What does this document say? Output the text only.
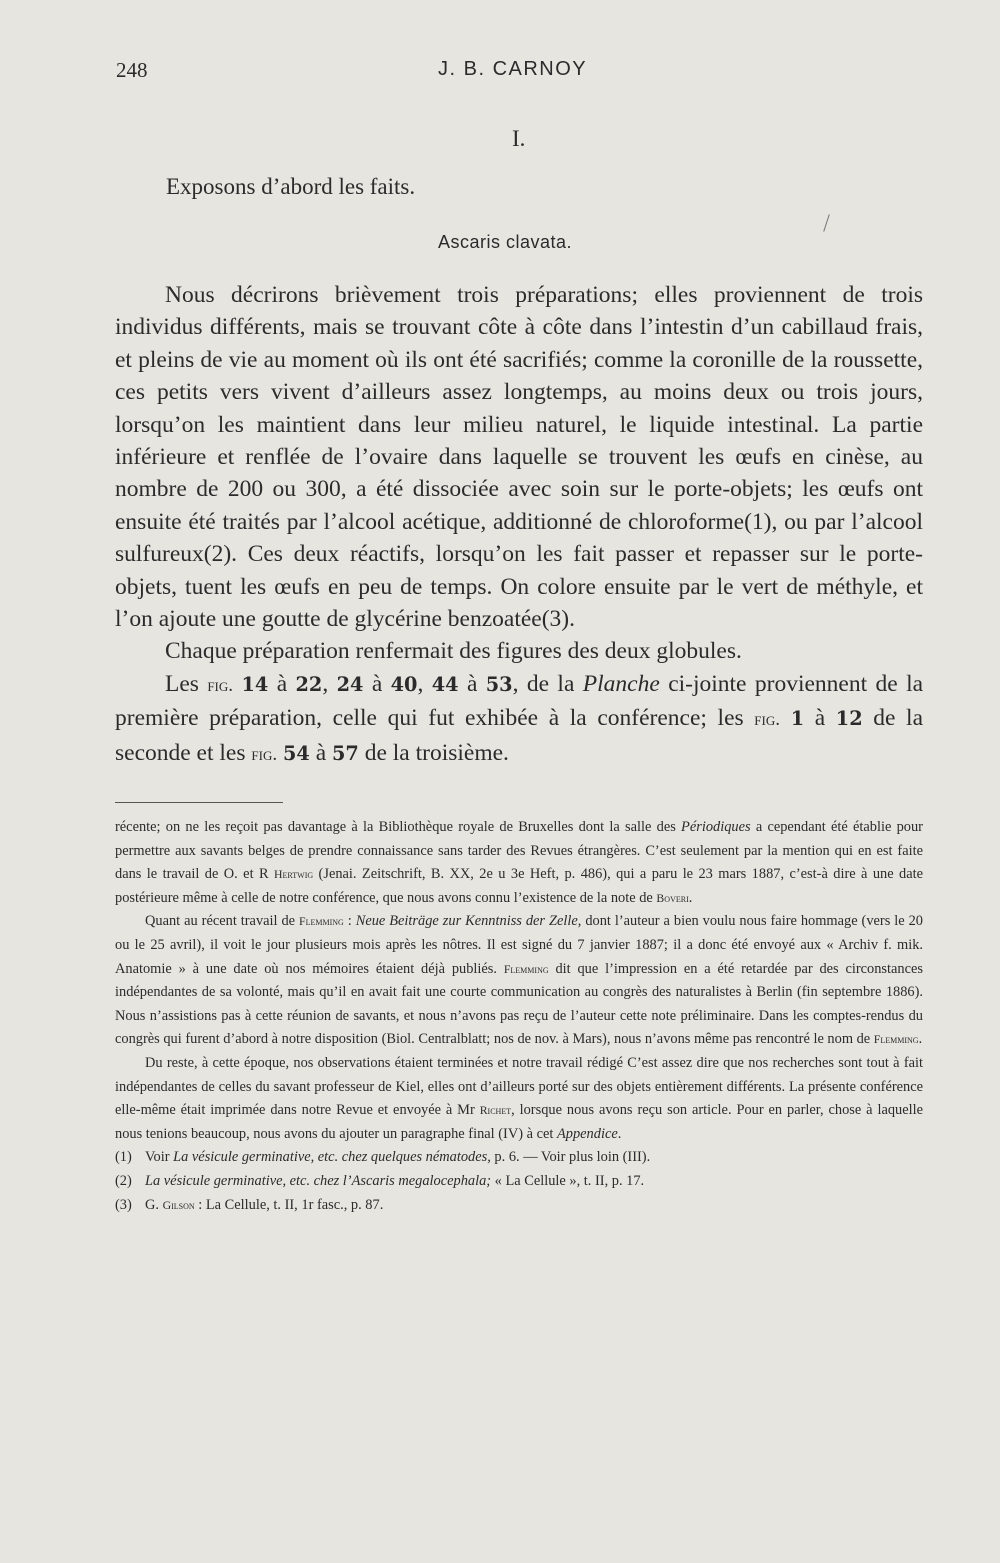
248	J. B. CARNOY
I.
Exposons d’abord les faits.
Ascaris clavata.

Nous décrirons brièvement trois préparations; elles proviennent de trois individus différents, mais se trouvant côte à côte dans l’intestin d’un cabillaud frais, et pleins de vie au moment où ils ont été sacrifiés; comme la coronille de la roussette, ces petits vers vivent d’ailleurs assez longtemps, au moins deux ou trois jours, lorsqu’on les maintient dans leur milieu naturel, le liquide intestinal. La partie inférieure et renflée de l’ovaire dans laquelle se trouvent les œufs en cinèse, au nombre de 200 ou 300, a été dissociée avec soin sur le porte-objets; les œufs ont ensuite été traités par l’alcool acétique, additionné de chloroforme(1), ou par l’alcool sulfureux(2). Ces deux réactifs, lorsqu’on les fait passer et repasser sur le porte-objets, tuent les œufs en peu de temps. On colore ensuite par le vert de méthyle, et l’on ajoute une goutte de glycérine benzoatée(3).

Chaque préparation renfermait des figures des deux globules.

Les fig. 14 à 22, 24 à 40, 44 à 53, de la Planche ci-jointe proviennent de la première préparation, celle qui fut exhibée à la conférence; les fig. 1 à 12 de la seconde et les fig. 54 à 57 de la troisième.

récente; on ne les reçoit pas davantage à la Bibliothèque royale de Bruxelles dont la salle des Périodiques a cependant été établie pour permettre aux savants belges de prendre connaissance sans tarder des Revues étrangères. C’est seulement par la mention qui en est faite dans le travail de O. et R Hertwig (Jenai. Zeitschrift, B. XX, 2e u 3e Heft, p. 486), qui a paru le 23 mars 1887, c’est-à dire à une date postérieure même à celle de notre conférence, que nous avons connu l’existence de la note de Boveri.

Quant au récent travail de Flemming : Neue Beiträge zur Kenntniss der Zelle, dont l’auteur a bien voulu nous faire hommage (vers le 20 ou le 25 avril), il voit le jour plusieurs mois après les nôtres. Il est signé du 7 janvier 1887; il a donc été envoyé aux « Archiv f. mik. Anatomie » à une date où nos mémoires étaient déjà publiés. Flemming dit que l’impression en a été retardée par des circonstances indépendantes de sa volonté, mais qu’il en avait fait une courte communication au congrès des naturalistes à Berlin (fin septembre 1886). Nous n’assistions pas à cette réunion de savants, et nous n’avons pas reçu de l’auteur cette note préliminaire. Dans les comptes-rendus du congrès qui furent d’abord à notre disposition (Biol. Centralblatt; nos de nov. à Mars), nous n’avons même pas rencontré le nom de Flemming.

Du reste, à cette époque, nos observations étaient terminées et notre travail rédigé C’est assez dire que nos recherches sont tout à fait indépendantes de celles du savant professeur de Kiel, elles ont d’ailleurs porté sur des objets entièrement différents. La présente conférence elle-même était imprimée dans notre Revue et envoyée à Mr Richet, lorsque nous avons reçu son article. Pour en parler, chose à laquelle nous tenions beaucoup, nous avons du ajouter un paragraphe final (IV) à cet Appendice.

(1) Voir La vésicule germinative, etc. chez quelques nématodes, p. 6. — Voir plus loin (III).
(2) La vésicule germinative, etc. chez l’Ascaris megalocephala; « La Cellule », t. II, p. 17.
(3) G. Gilson : La Cellule, t. II, 1r fasc., p. 87.
